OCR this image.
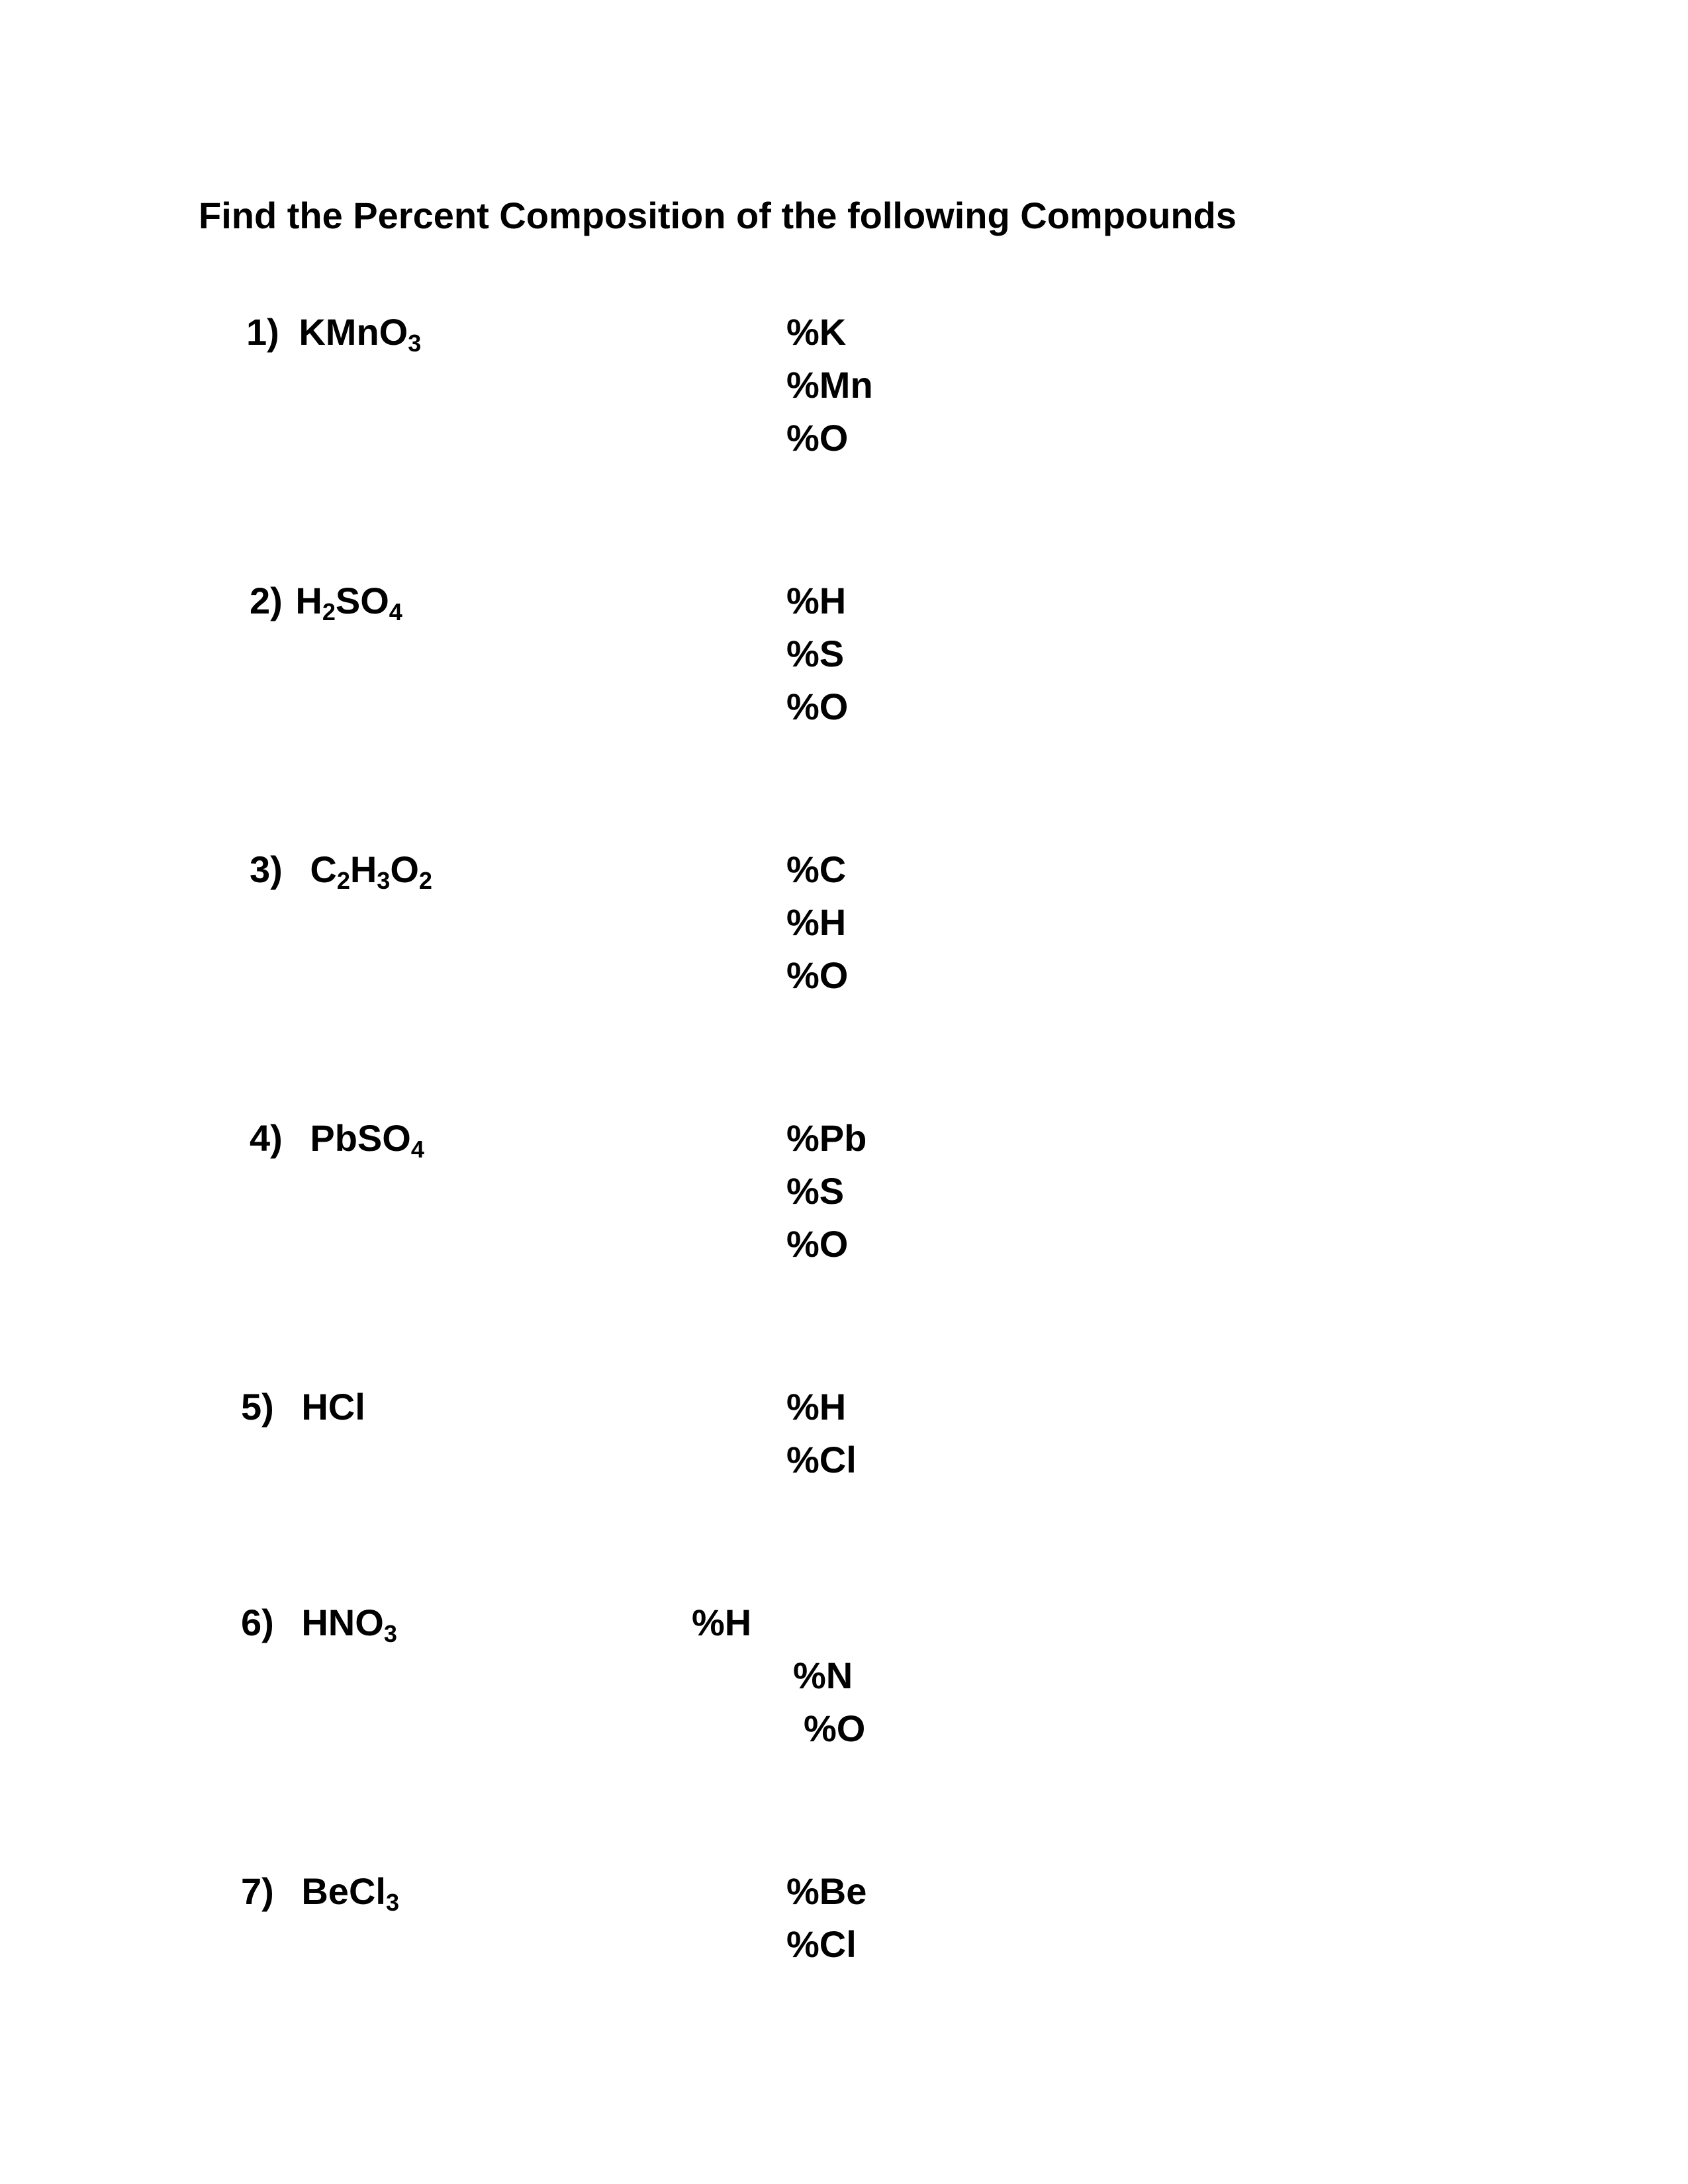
Find the Percent Composition of the following Compounds
1) KMnO$_3$	%K
%Mn
%O
2) $H_2SO_4$	%H
%S
%O
3) $C_2H_3O_2$	%C
%H
%O
4) PbSO$_4$	%Pb
%S
%O
5) HCl	%H
%Cl
6) $HNO_3$	%H
%N
%O
7) BeCl$_3$	%Be
%Cl
